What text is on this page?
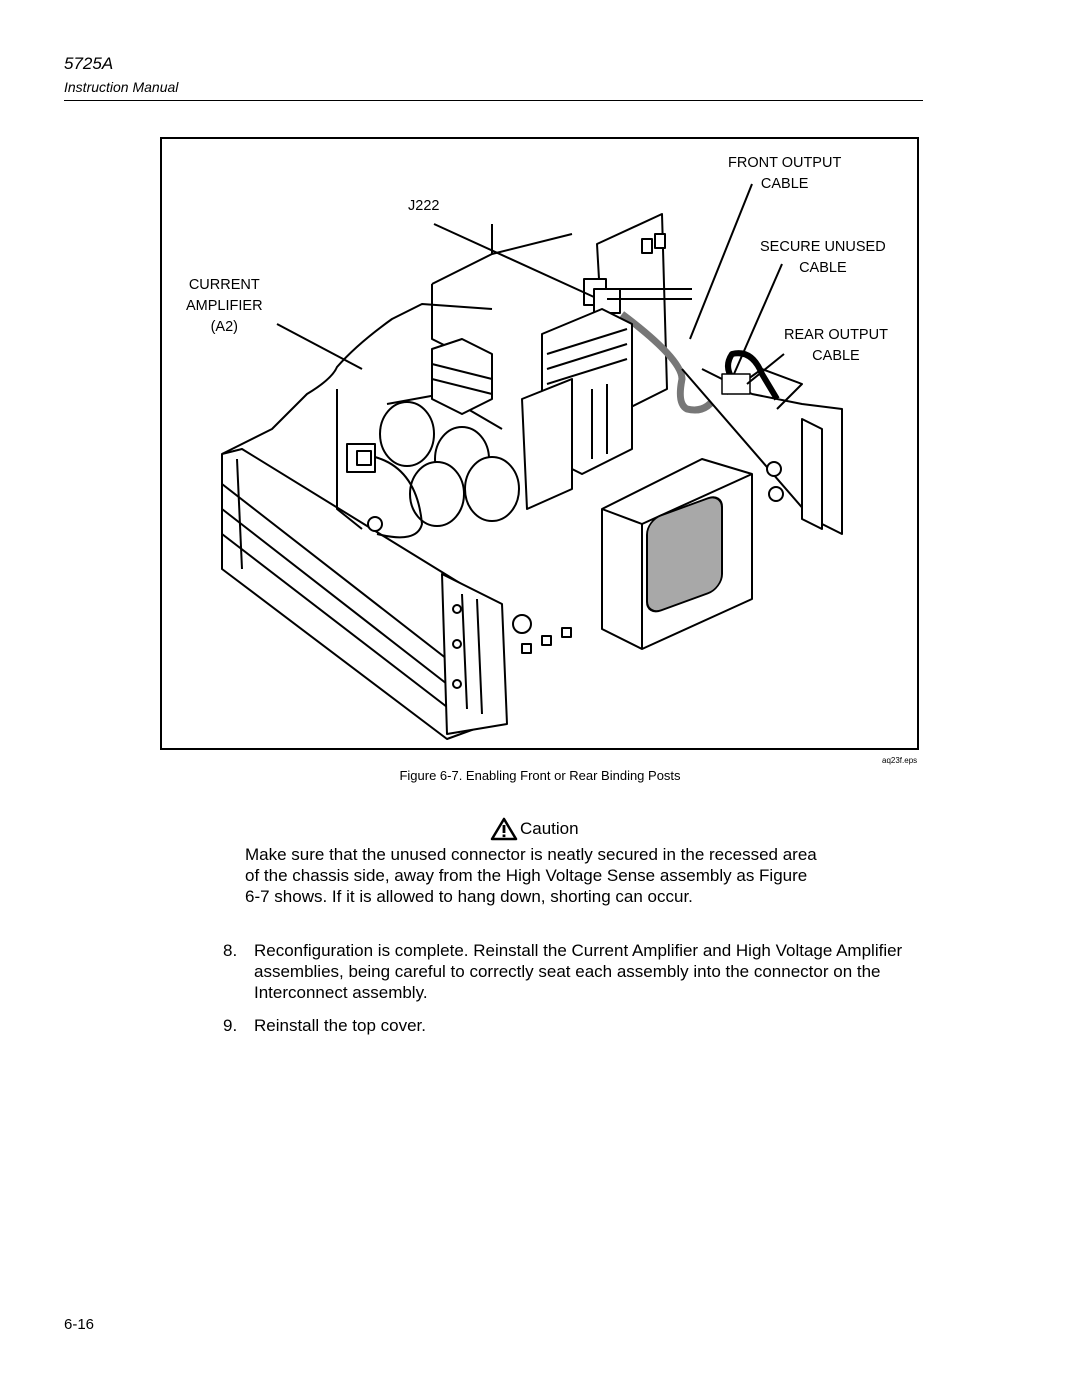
5725A
Instruction Manual
FRONT OUTPUT
CABLE
J222
SECURE UNUSED
CABLE
CURRENT
AMPLIFIER
(A2)	REAR OUTPUT
CABLE
aq23f.eps
Figure 6-7. Enabling Front or Rear Binding Posts
Caution
Make sure that the unused connector is neatly secured in the recessed area of the chassis side, away from the High Voltage Sense assembly as Figure 6-7 shows. If it is allowed to hang down, shorting can occur.
8. Reconfiguration is complete. Reinstall the Current Amplifier and High Voltage Amplifier assemblies, being careful to correctly seat each assembly into the connector on the Interconnect assembly.
9. Reinstall the top cover.
6-16
